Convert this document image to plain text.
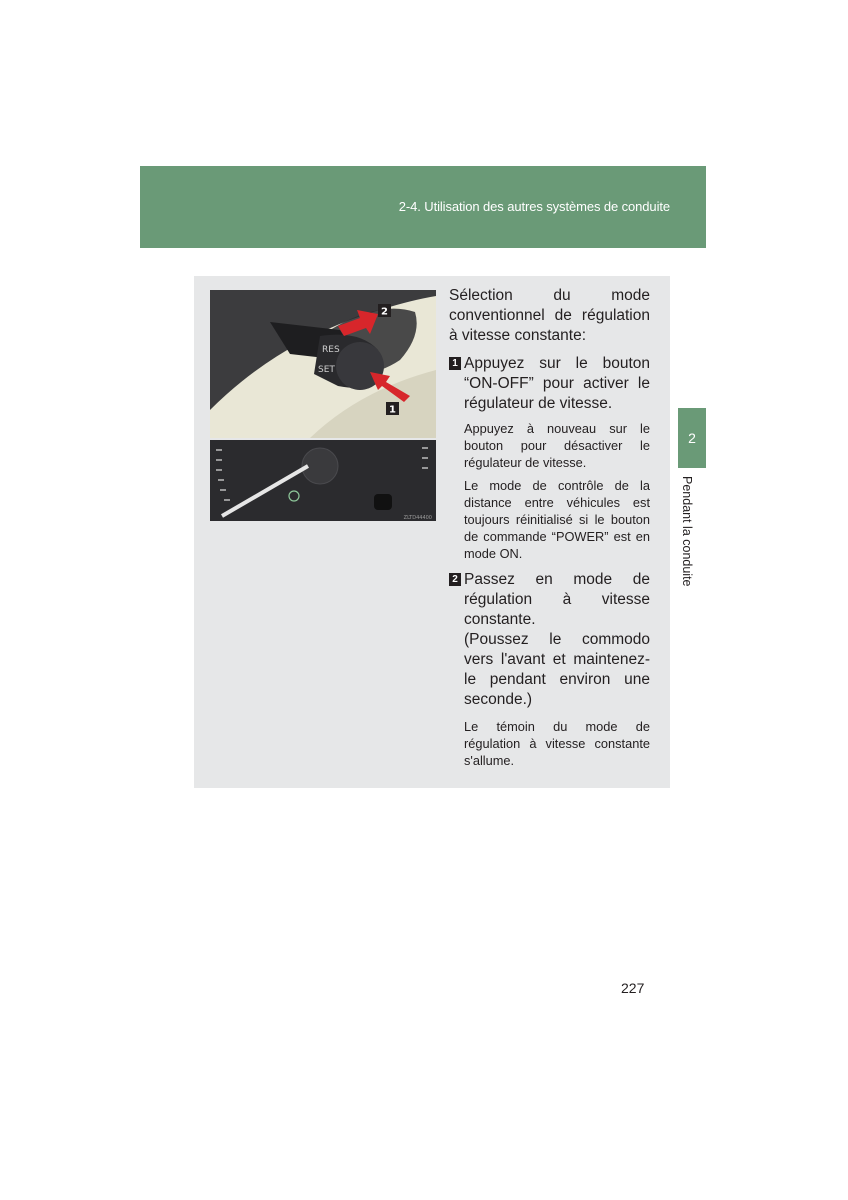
2-4. Utilisation des autres systèmes de conduite
2
Pendant la conduite
RES
SET
2
1
ZLTD44400

Sélection du mode conventionnel de régulation à vitesse constante:

1 Appuyez sur le bouton “ON-OFF” pour activer le régulateur de vitesse.

Appuyez à nouveau sur le bouton pour désactiver le régulateur de vitesse.

Le mode de contrôle de la distance entre véhicules est toujours réinitialisé si le bouton de commande “POWER” est en mode ON.

2 Passez en mode de régulation à vitesse constante.
(Poussez le commodo vers l'avant et maintenez-le pendant environ une seconde.)

Le témoin du mode de régulation à vitesse constante s'allume.

227
